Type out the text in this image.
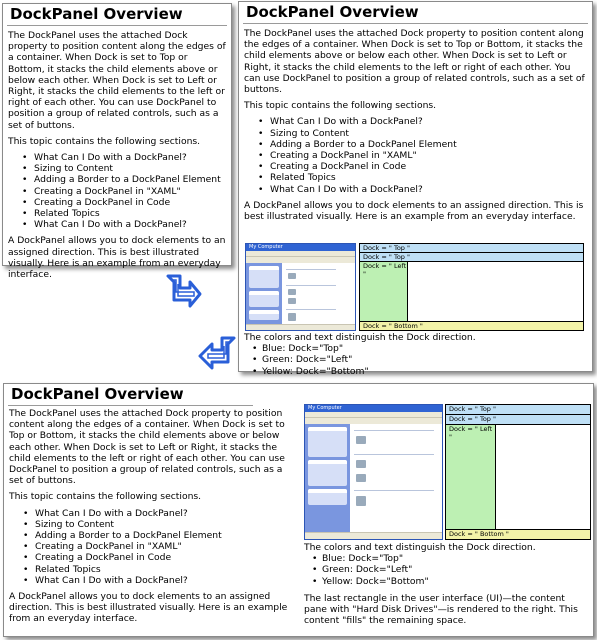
DockPanel Overview

The DockPanel uses the attached Dock property to position content along the edges of a container. When Dock is set to Top or Bottom, it stacks the child elements above or below each other. When Dock is set to Left or Right, it stacks the child elements to the left or right of each other. You can use DockPanel to position a group of related controls, such as a set of buttons.

This topic contains the following sections.

• What Can I Do with a DockPanel?
• Sizing to Content
• Adding a Border to a DockPanel Element
• Creating a DockPanel in "XAML"
• Creating a DockPanel in Code
• Related Topics
• What Can I Do with a DockPanel?

A DockPanel allows you to dock elements to an assigned direction. This is best illustrated visually. Here is an example from an everyday interface.

DockPanel Overview

The DockPanel uses the attached Dock property to position content along the edges of a container. When Dock is set to Top or Bottom, it stacks the child elements above or below each other. When Dock is set to Left or Right, it stacks the child elements to the left or right of each other. You can use DockPanel to position a group of related controls, such as a set of buttons.

This topic contains the following sections.

• What Can I Do with a DockPanel?
• Sizing to Content
• Adding a Border to a DockPanel Element
• Creating a DockPanel in "XAML"
• Creating a DockPanel in Code
• Related Topics
• What Can I Do with a DockPanel?

A DockPanel allows you to dock elements to an assigned direction. This is best illustrated visually. Here is an example from an everyday interface.

My Computer	Dock = " Top "
Dock = " Top "
Dock = " Left "
Dock = " Bottom "
The colors and text distinguish the Dock direction.
• Blue: Dock="Top"
• Green: Dock="Left"
• Yellow: Dock="Bottom"
DockPanel Overview

The DockPanel uses the attached Dock property to position content along the edges of a container. When Dock is set to Top or Bottom, it stacks the child elements above or below each other. When Dock is set to Left or Right, it stacks the child elements to the left or right of each other. You can use DockPanel to position a group of related controls, such as a set of buttons.

This topic contains the following sections.

• What Can I Do with a DockPanel?
• Sizing to Content
• Adding a Border to a DockPanel Element
• Creating a DockPanel in "XAML"
• Creating a DockPanel in Code
• Related Topics
• What Can I Do with a DockPanel?

A DockPanel allows you to dock elements to an assigned direction. This is best illustrated visually. Here is an example from an everyday interface.

My Computer	Dock = " Top "
Dock = " Top "
Dock = " Left "
Dock = " Bottom "
The colors and text distinguish the Dock direction.
• Blue: Dock="Top"
• Green: Dock="Left"
• Yellow: Dock="Bottom"
The last rectangle in the user interface (UI)—the content pane with "Hard Disk Drives"—is rendered to the right. This content "fills" the remaining space.
